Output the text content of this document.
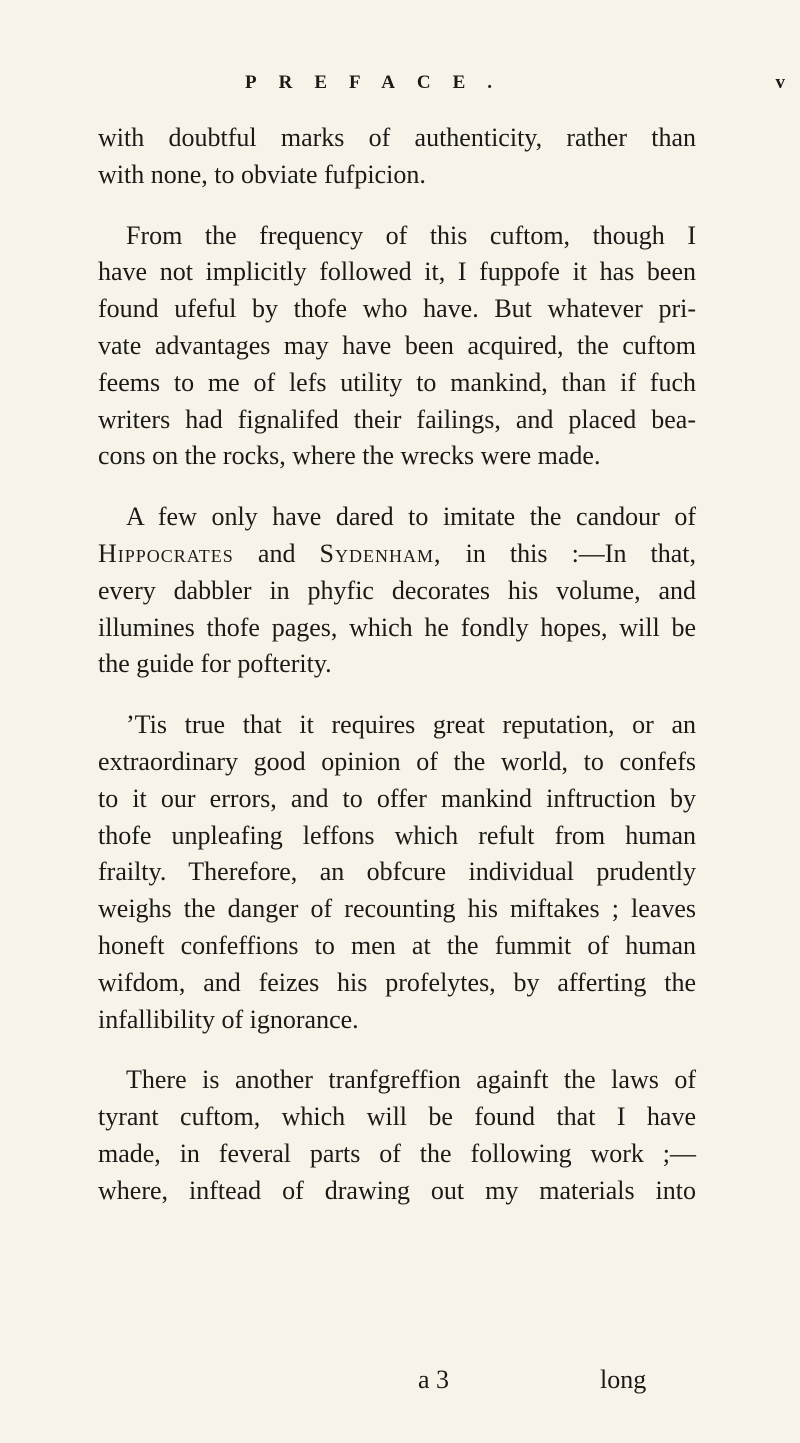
PREFACE.	v
with doubtful marks of authenticity, rather than
with none, to obviate fufpicion.
From the frequency of this cuftom, though I
have not implicitly followed it, I fuppofe it has been
found ufeful by thofe who have. But whatever pri-
vate advantages may have been acquired, the cuftom
feems to me of lefs utility to mankind, than if fuch
writers had fignalifed their failings, and placed bea-
cons on the rocks, where the wrecks were made.
A few only have dared to imitate the candour of
Hippocrates and Sydenham, in this :—In that,
every dabbler in phyfic decorates his volume, and
illumines thofe pages, which he fondly hopes, will be
the guide for pofterity.
’Tis true that it requires great reputation, or an
extraordinary good opinion of the world, to confefs
to it our errors, and to offer mankind inftruction by
thofe unpleafing leffons which refult from human
frailty. Therefore, an obfcure individual prudently
weighs the danger of recounting his miftakes ; leaves
honeft confeffions to men at the fummit of human
wifdom, and feizes his profelytes, by afferting the
infallibility of ignorance.
There is another tranfgreffion againft the laws of
tyrant cuftom, which will be found that I have
made, in feveral parts of the following work ;—
where, inftead of drawing out my materials into
a 3	long
